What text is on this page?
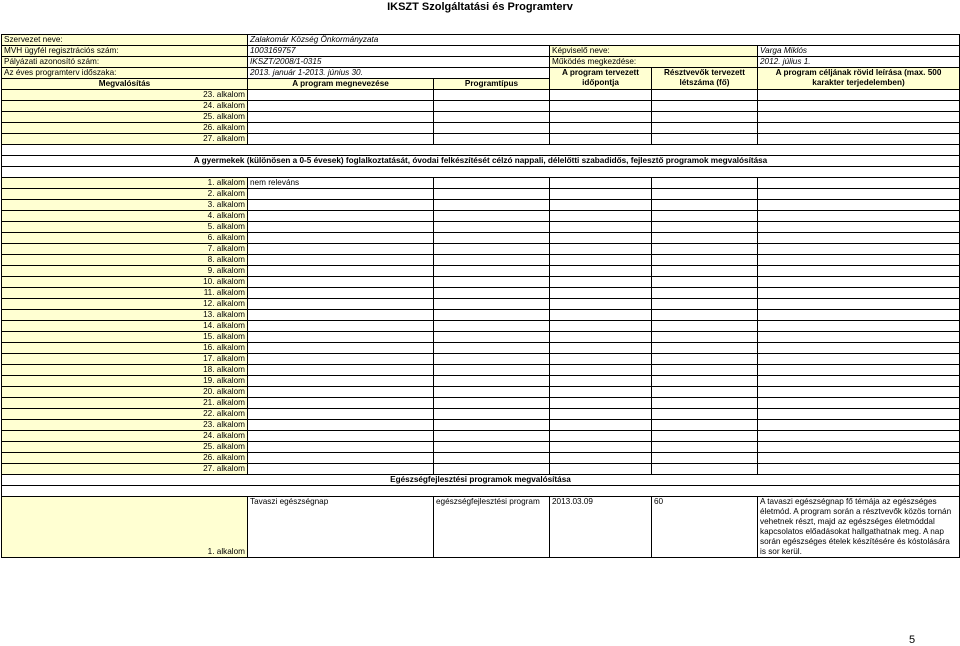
IKSZT Szolgáltatási és Programterv
Szervezet neve:	Zalakomár Község Önkormányzata				
MVH ügyfél regisztrációs szám:	1003169757		Képviselő neve:		Varga Miklós
Pályázati azonosító szám:	IKSZT/2008/1-0315		Működés megkezdése:		2012. július 1.
Az éves programterv időszaka:	2013. január 1-2013. június 30.		A program tervezett időpontja	Résztvevők tervezett létszáma (fő)	A program céljának rövid leírása (max. 500 karakter terjedelemben)
Megvalósítás	A program megnevezése	Programtípus			
23. alkalom					
24. alkalom					
25. alkalom					
26. alkalom					
27. alkalom					

A gyermekek (különösen a 0-5 évesek) foglalkoztatását, óvodai felkészítését célzó nappali, délelőtti szabadidős, fejlesztő programok megvalósítása					

1. alkalom	nem releváns				
2. alkalom					
3. alkalom					
4. alkalom					
5. alkalom					
6. alkalom					
7. alkalom					
8. alkalom					
9. alkalom					
10. alkalom					
11. alkalom					
12. alkalom					
13. alkalom					
14. alkalom					
15. alkalom					
16. alkalom					
17. alkalom					
18. alkalom					
19. alkalom					
20. alkalom					
21. alkalom					
22. alkalom					
23. alkalom					
24. alkalom					
25. alkalom					
26. alkalom					
27. alkalom					
Egészségfejlesztési programok megvalósítása					

1. alkalom	Tavaszi egészségnap	egészségfejlesztési program	2013.03.09	60	A tavaszi egészségnap fő témája az egészséges életmód. A program során a résztvevők közös tornán vehetnek részt, majd az egészséges életmóddal kapcsolatos előadásokat hallgathatnak meg. A nap során egészséges ételek készítésére és kóstolására is sor kerül.
5
